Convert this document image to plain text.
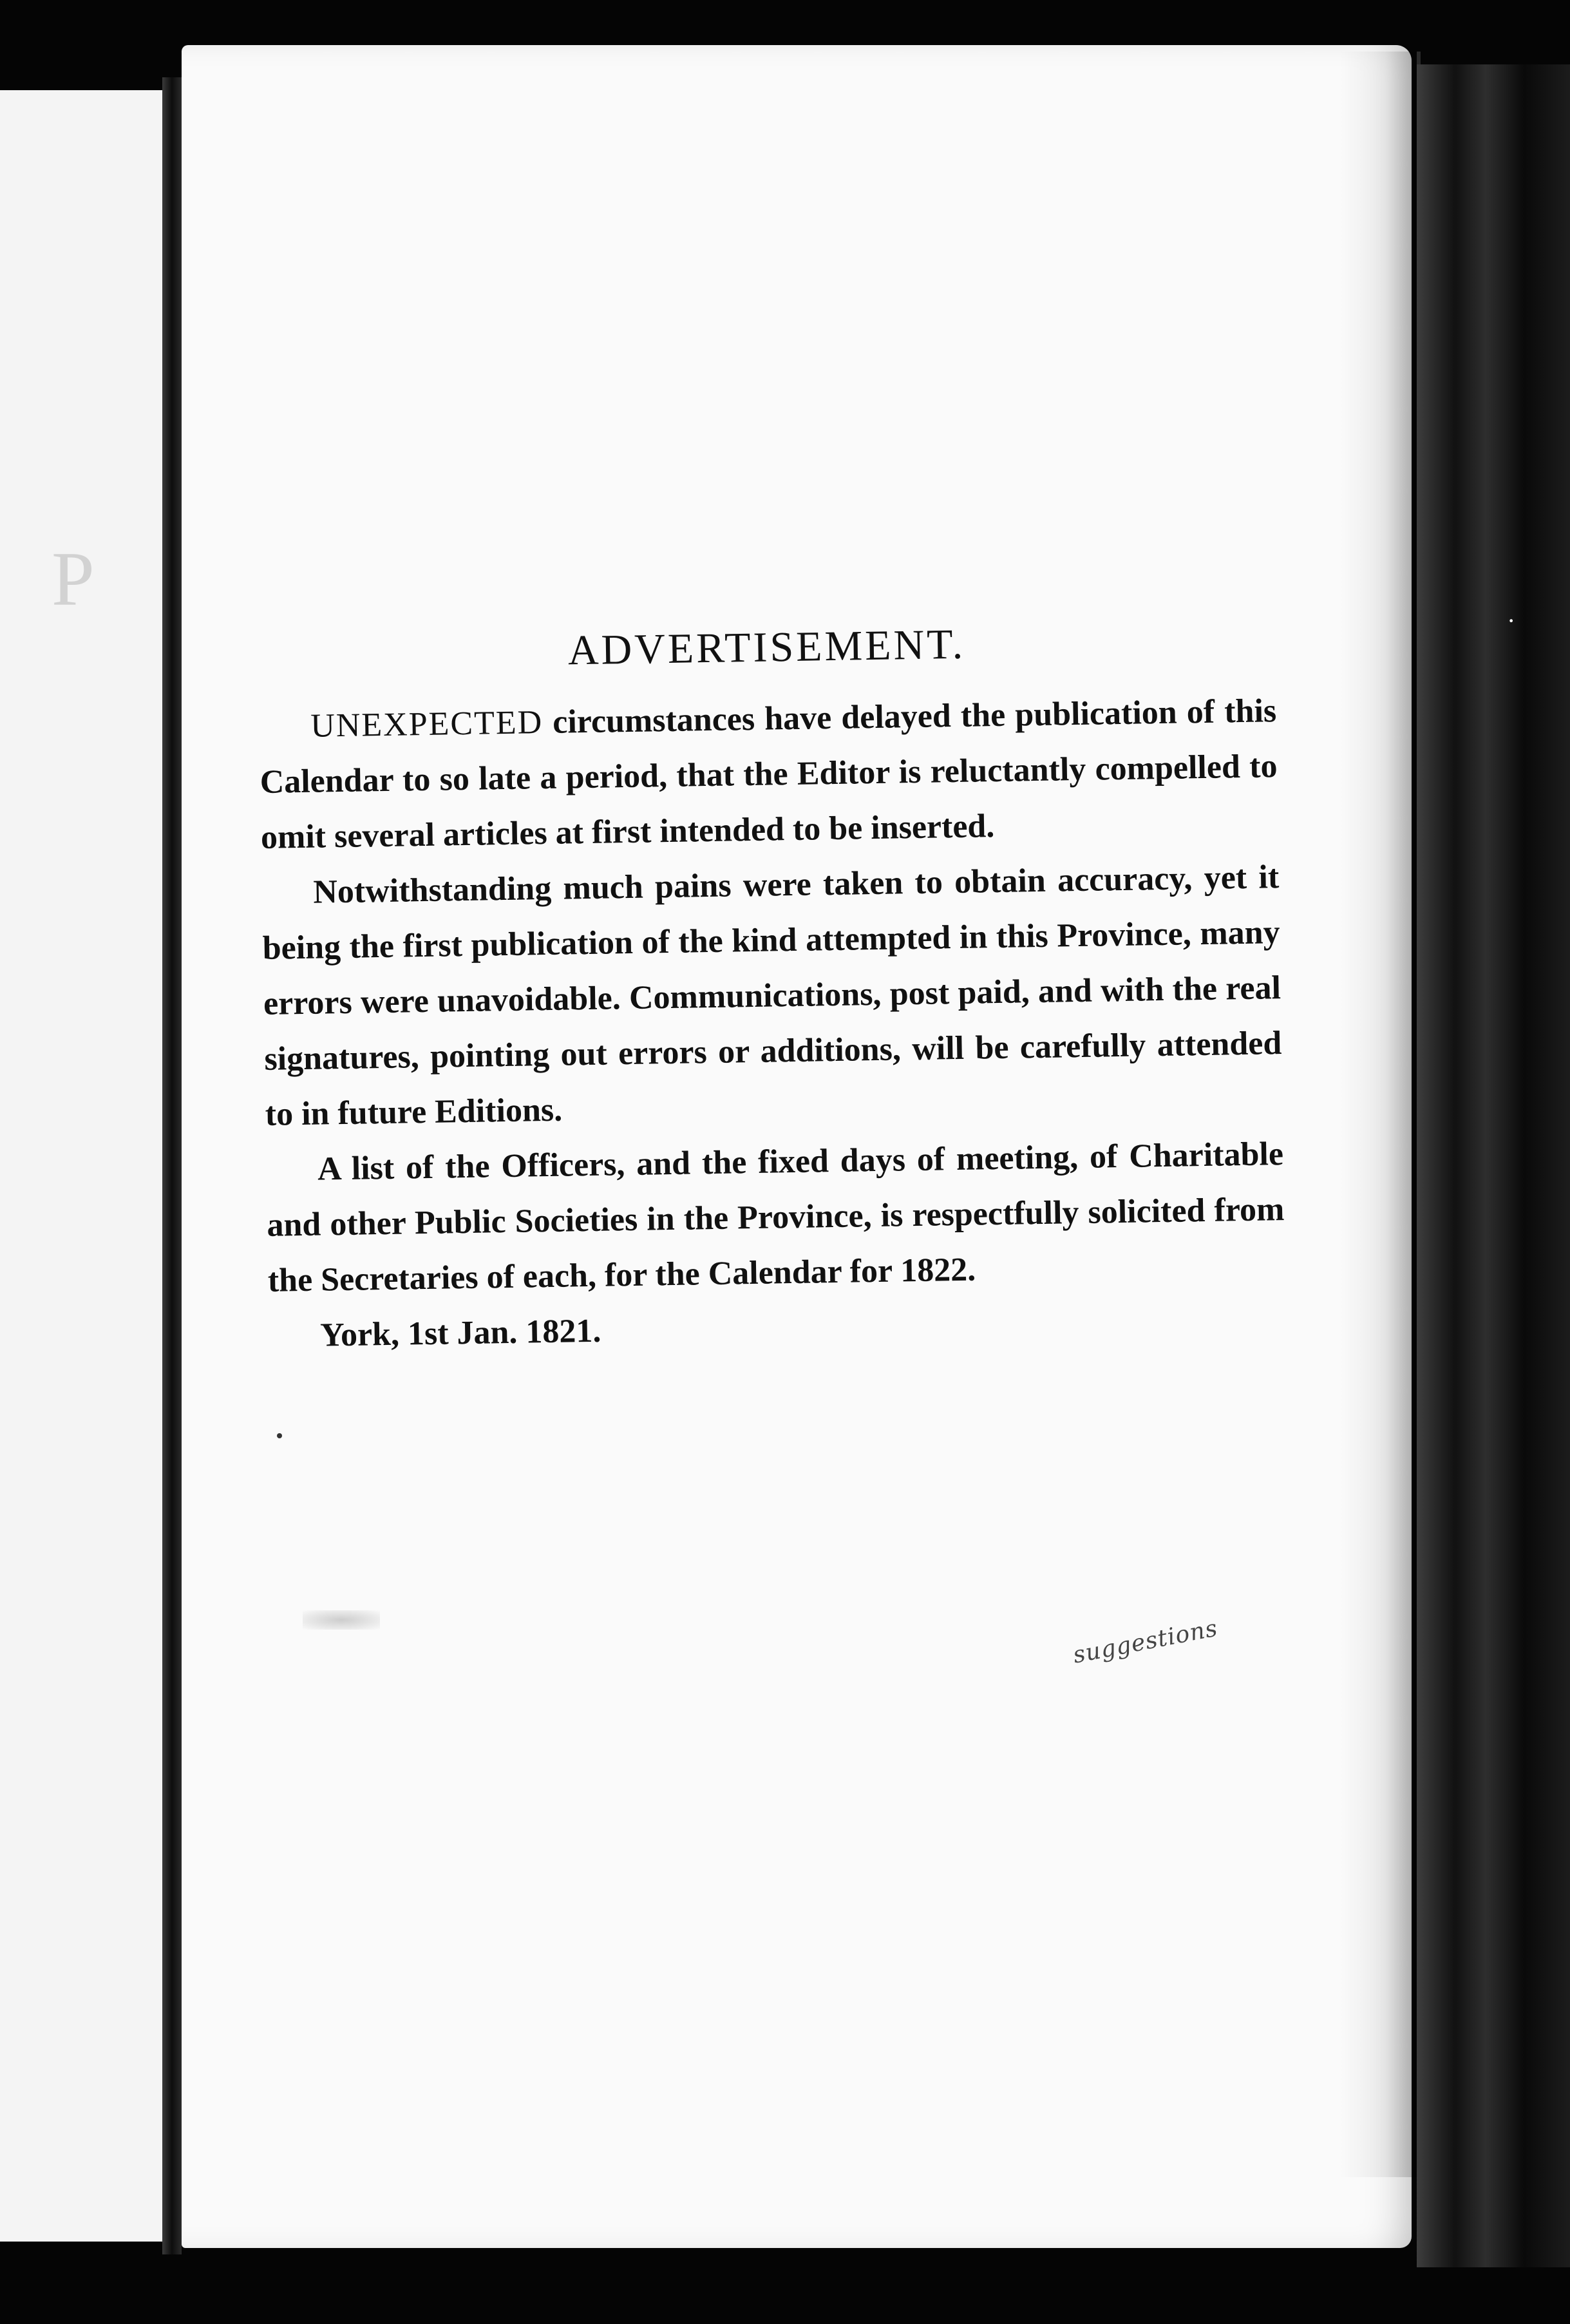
P
ADVERTISEMENT.

UNEXPECTED circumstances have delayed the publication of this Calendar to so late a period, that the Editor is reluctantly compelled to omit several articles at first intended to be inserted.

Notwithstanding much pains were taken to obtain accuracy, yet it being the first publication of the kind attempted in this Province, many errors were unavoidable. Communications, post paid, and with the real signatures, pointing out errors or additions, will be carefully attended to in future Editions.

A list of the Officers, and the fixed days of meeting, of Charitable and other Public Societies in the Province, is respectfully solicited from the Secretaries of each, for the Calendar for 1822.

York, 1st Jan. 1821.

suggestions
·
